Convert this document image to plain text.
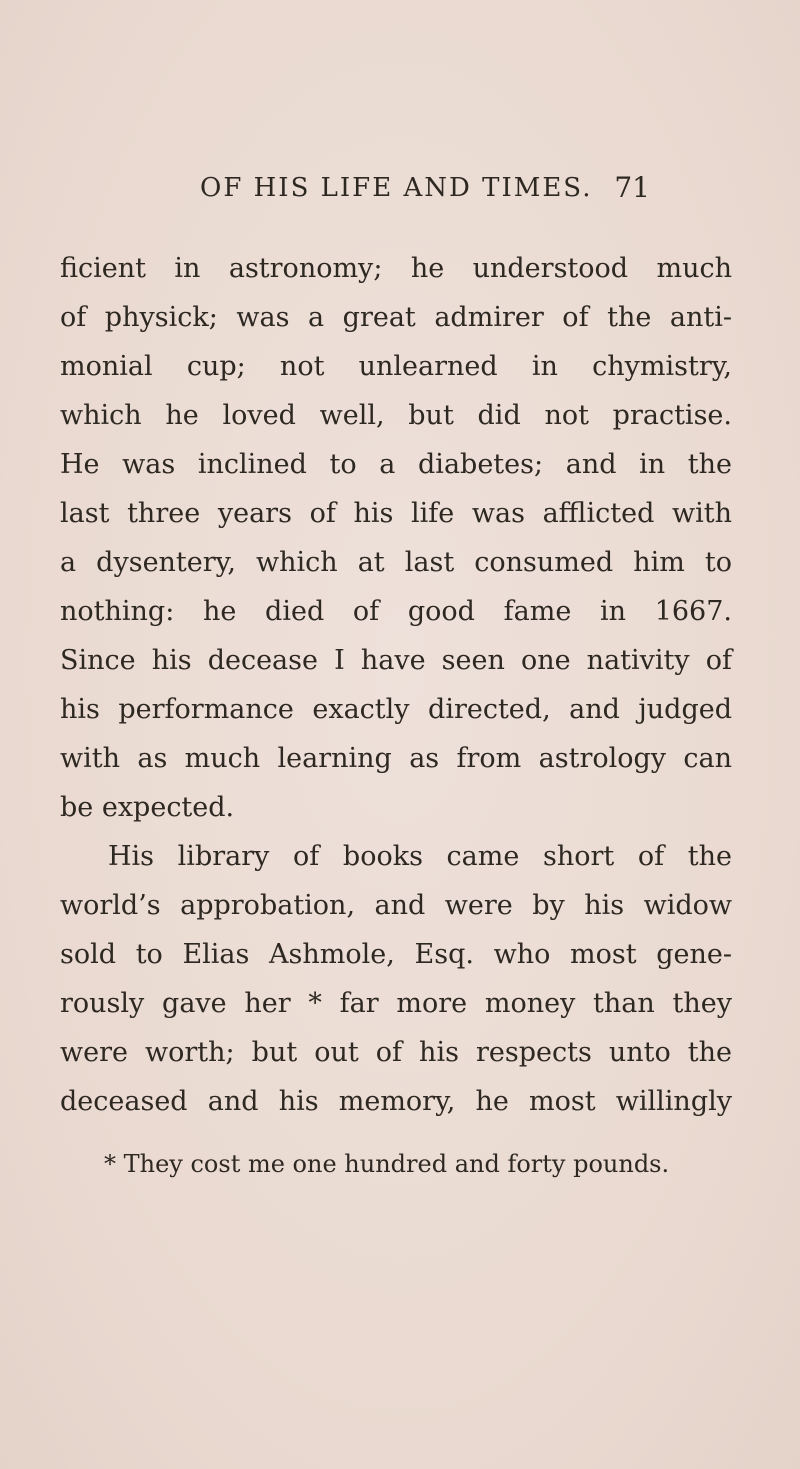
OF HIS LIFE AND TIMES. 71
ficient in astronomy; he understood much
of physick; was a great admirer of the anti-
monial cup; not unlearned in chymistry,
which he loved well, but did not practise.
He was inclined to a diabetes; and in the
last three years of his life was afflicted with
a dysentery, which at last consumed him to
nothing: he died of good fame in 1667.
Since his decease I have seen one nativity of
his performance exactly directed, and judged
with as much learning as from astrology can
be expected.
His library of books came short of the
world’s approbation, and were by his widow
sold to Elias Ashmole, Esq. who most gene-
rously gave her * far more money than they
were worth; but out of his respects unto the
deceased and his memory, he most willingly
* They cost me one hundred and forty pounds.
